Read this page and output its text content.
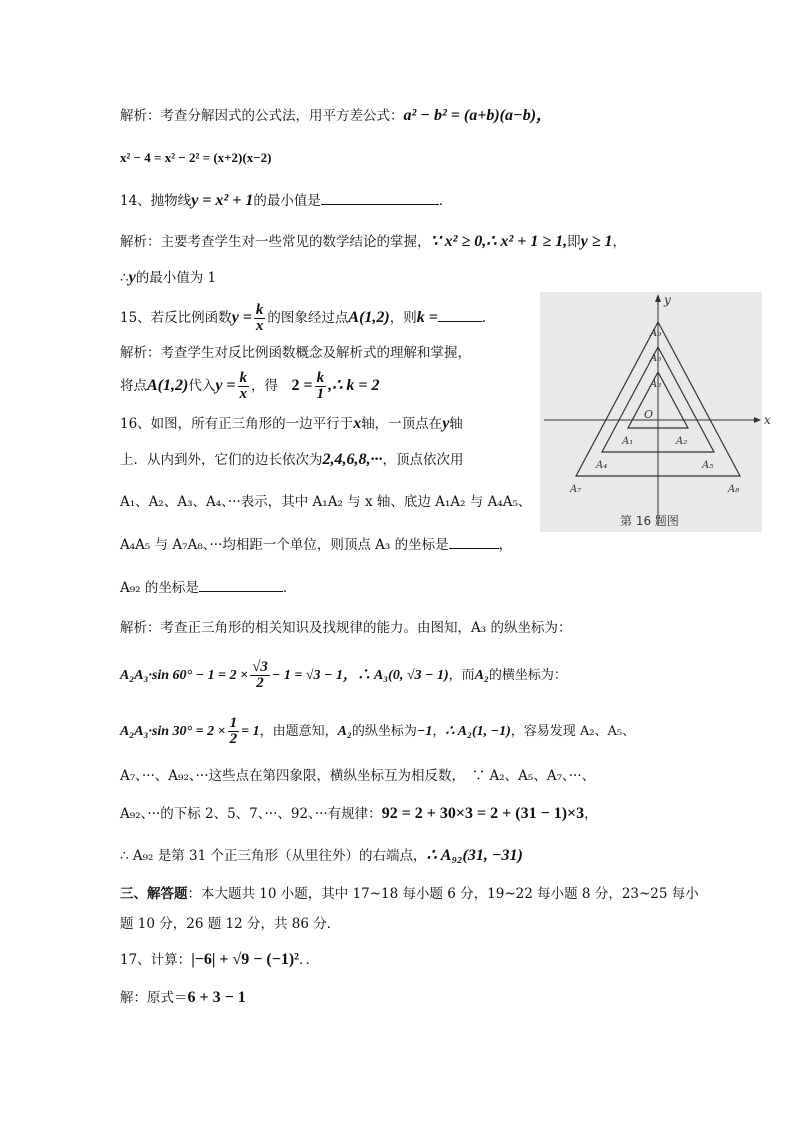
解析：考查分解因式的公式法，用平方差公式：a² − b² = (a+b)(a−b)，
x² − 4 = x² − 2² = (x+2)(x−2)
14、抛物线y = x² + 1的最小值是	．
解析：主要考查学生对一些常见的数学结论的掌握，∵ x² ≥ 0,∴ x² + 1 ≥ 1,即y ≥ 1，
∴y的最小值为 1
15、若反比例函数$y = \frac{k}{x}$ 的图象经过点A(1,2)，则k =	．
解析：考查学生对反比例函数概念及解析式的理解和掌握，
将点A(1,2)代入$y = \frac{k}{x}$ ，得　 $2 = \frac{k}{1}$ ,∴ k = 2
16、如图，所有正三角形的一边平行于x轴，一顶点在y轴
上．从内到外，它们的边长依次为2,4,6,8,···，顶点依次用
A₁、A₂、A₃、A₄、···表示，其中 A₁A₂ 与 x 轴、底边 A₁A₂ 与 A₄A₅、
A₄A₅ 与 A₇A₈、···均相距一个单位，则顶点 A₃ 的坐标是	，
A₉₂ 的坐标是	．
x
y
A₉
A₆
A₃
O
A₁	A₂
A₄	A₅
A₇	A₈
第 16 题图
解析：考查正三角形的相关知识及找规律的能力。由图知，A₃ 的纵坐标为：
A₂A₃·sin $60^\circ - 1 = 2 \times \frac{√3}{2} - 1 = √3 - 1$，∴ A₃(0, √3 − 1)，而A₂的横坐标为：
A₂A₃·sin $30^\circ = 2 \times \frac{1}{2} = 1$，由题意知，A₂的纵坐标为−1，∴ A₂(1, −1)，容易发现 A₂、A₅、
A₇、···、A₉₂、···这些点在第四象限，横纵坐标互为相反数，　∵ A₂、A₅、A₇、···、
A₉₂、···的下标 2、5、7、···、92、···有规律：92 = 2 + 30×3 = 2 + (31 − 1)×3，
∴ A₉₂ 是第 31 个正三角形（从里往外）的右端点，∴ A₉₂(31, −31)
三、解答题：本大题共 10 小题，其中 17~18 每小题 6 分，19~22 每小题 8 分，23~25 每小
题 10 分，26 题 12 分，共 86 分．
17、计算：|−6| + √9 − (−1)²．．
解：原式＝6 + 3 − 1
